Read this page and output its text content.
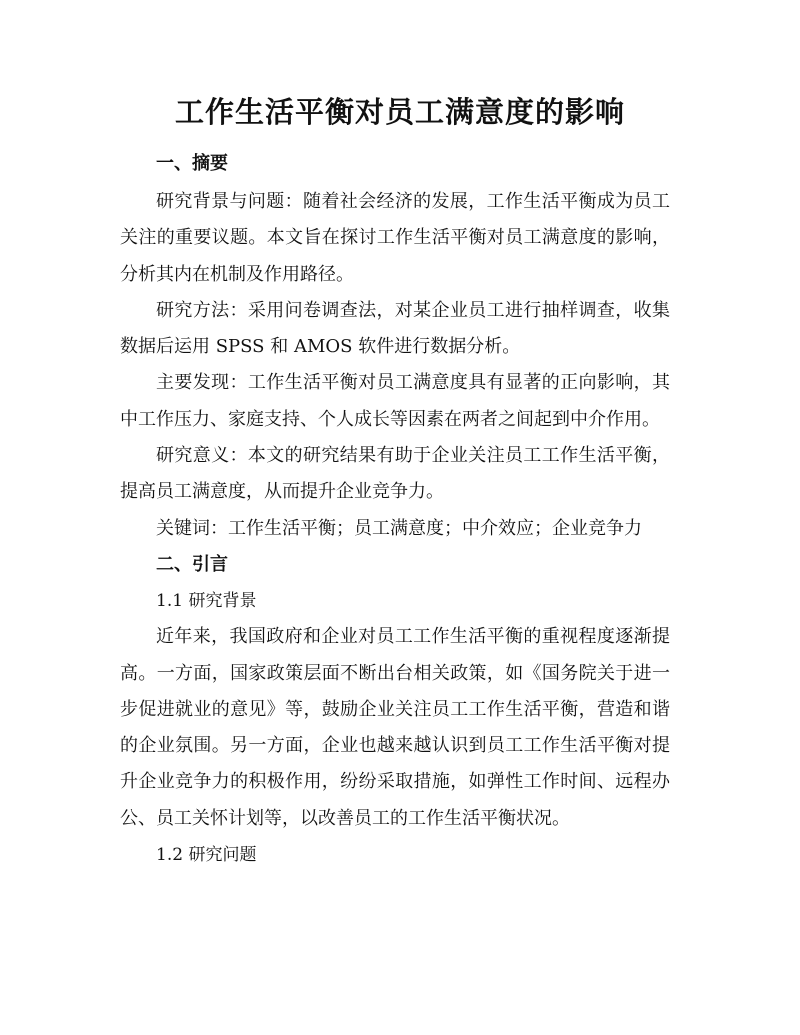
工作生活平衡对员工满意度的影响
一、摘要

研究背景与问题：随着社会经济的发展，工作生活平衡成为员工关注的重要议题。本文旨在探讨工作生活平衡对员工满意度的影响，分析其内在机制及作用路径。

研究方法：采用问卷调查法，对某企业员工进行抽样调查，收集数据后运用 SPSS 和 AMOS 软件进行数据分析。

主要发现：工作生活平衡对员工满意度具有显著的正向影响，其中工作压力、家庭支持、个人成长等因素在两者之间起到中介作用。

研究意义：本文的研究结果有助于企业关注员工工作生活平衡，提高员工满意度，从而提升企业竞争力。

关键词：工作生活平衡；员工满意度；中介效应；企业竞争力

二、引言
1.1 研究背景

近年来，我国政府和企业对员工工作生活平衡的重视程度逐渐提高。一方面，国家政策层面不断出台相关政策，如《国务院关于进一步促进就业的意见》等，鼓励企业关注员工工作生活平衡，营造和谐的企业氛围。另一方面，企业也越来越认识到员工工作生活平衡对提升企业竞争力的积极作用，纷纷采取措施，如弹性工作时间、远程办公、员工关怀计划等，以改善员工的工作生活平衡状况。

1.2 研究问题
